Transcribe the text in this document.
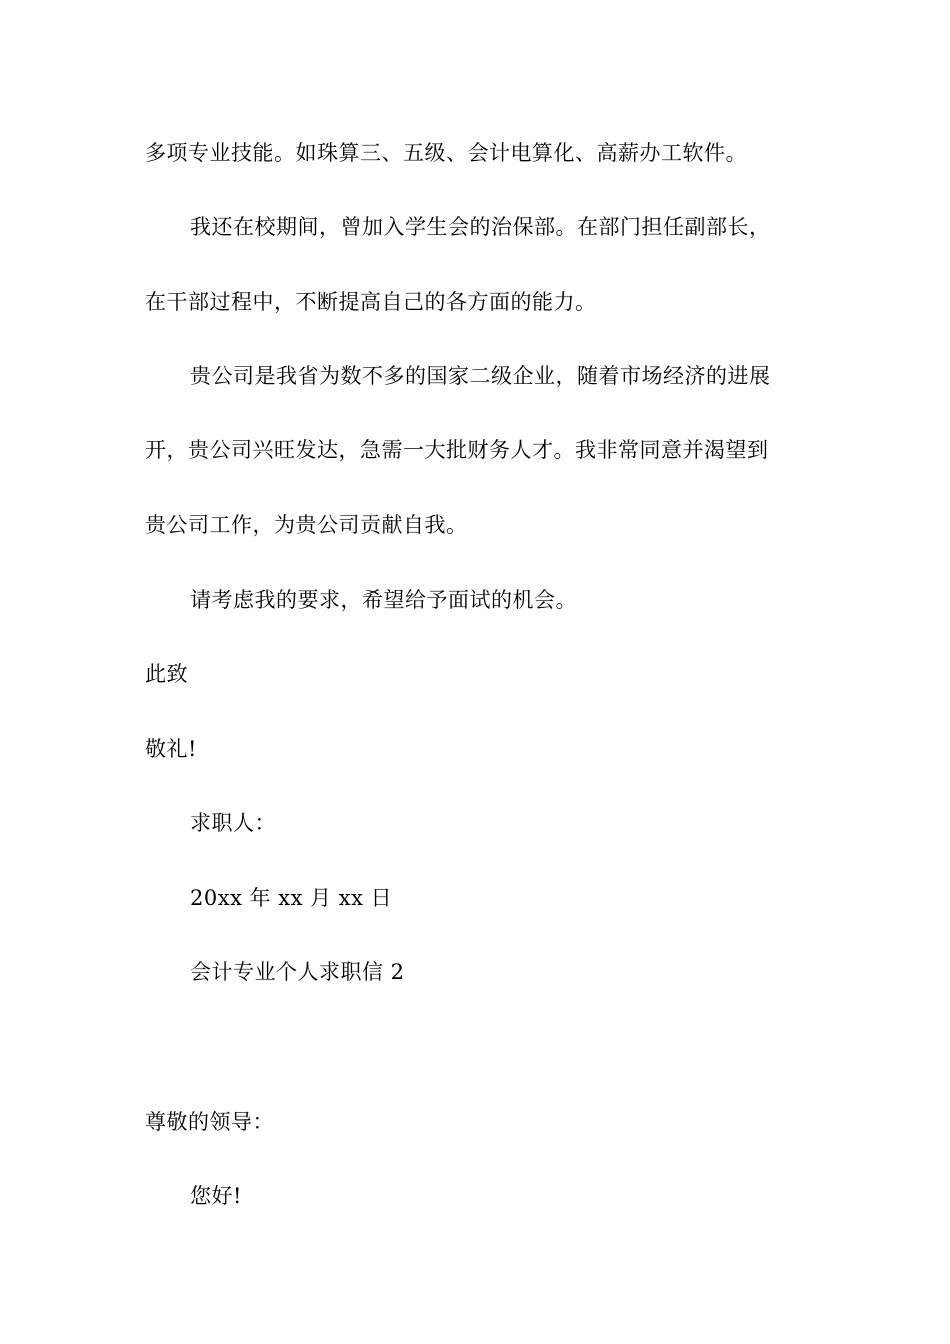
多项专业技能。如珠算三、五级、会计电算化、高薪办工软件。
我还在校期间，曾加入学生会的治保部。在部门担任副部长，
在干部过程中，不断提高自己的各方面的能力。
贵公司是我省为数不多的国家二级企业，随着市场经济的进展
开，贵公司兴旺发达，急需一大批财务人才。我非常同意并渴望到
贵公司工作，为贵公司贡献自我。
请考虑我的要求，希望给予面试的机会。
此致
敬礼!
求职人：
20xx 年 xx 月 xx 日
会计专业个人求职信 2
尊敬的领导：
您好!
